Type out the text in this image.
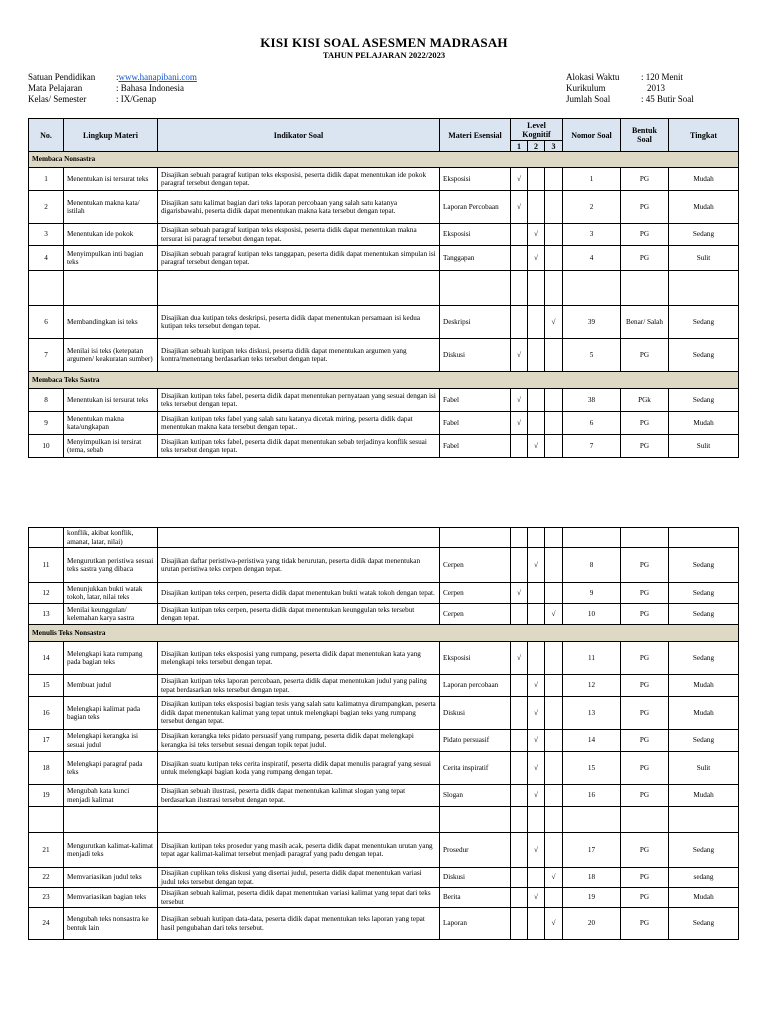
KISI KISI SOAL ASESMEN MADRASAH
TAHUN PELAJARAN 2022/2023
Satuan Pendidikan	: www.hanapibani.com
Mata Pelajaran	: Bahasa Indonesia
Kelas/ Semester	: IX/Genap
Alokasi Waktu	: 120 Menit
Kurikulum	2013
Jumlah Soal	: 45 Butir Soal
No.	Lingkup Materi	Indikator Soal	Materi Esensial	Level Kognitif			Nomor Soal	Bentuk Soal	Tingkat
				1	2	3			
Membaca Nonsastra									
1	Menentukan isi tersurat teks	Disajikan sebuah paragraf kutipan teks eksposisi, peserta didik dapat menentukan ide pokok paragraf tersebut dengan tepat.	Eksposisi	√			1	PG	Mudah
2	Menentukan makna kata/ istilah	Disajikan satu kalimat bagian dari teks laporan percobaan yang salah satu katanya digarisbawahi, peserta didik dapat menentukan makna kata tersebut dengan tepat.	Laporan Percobaan	√			2	PG	Mudah
3	Menentukan ide pokok	Disajikan sebuah paragraf kutipan teks eksposisi, peserta didik dapat menentukan makna tersurat isi paragraf tersebut dengan tepat.	Eksposisi		√		3	PG	Sedang
4	Menyimpulkan inti bagian teks	Disajikan sebuah paragraf kutipan teks tanggapan, peserta didik dapat menentukan simpulan isi paragraf tersebut dengan tepat.	Tanggapan		√		4	PG	Sulit

6	Membandingkan isi teks	Disajikan dua kutipan teks deskripsi, peserta didik dapat menentukan persamaan isi kedua kutipan teks tersebut dengan tepat.	Deskripsi			√	39	Benar/ Salah	Sedang
7	Menilai isi teks (ketepatan argumen/ keakuratan sumber)	Disajikan sebuah kutipan teks diskusi, peserta didik dapat menentukan argumen yang kontra/menentang berdasarkan teks tersebut dengan tepat.	Diskusi	√			5	PG	Sedang
Membaca Teks Sastra									
8	Menentukan isi tersurat teks	Disajikan kutipan teks fabel, peserta didik dapat menentukan pernyataan yang sesuai dengan isi teks tersebut dengan tepat.	Fabel	√			38	PGk	Sedang
9	Menentukan makna kata/ungkapan	Disajikan kutipan teks fabel yang salah satu katanya dicetak miring, peserta didik dapat menentukan makna kata tersebut dengan tepat..	Fabel	√			6	PG	Mudah
10	Menyimpulkan isi tersirat (tema, sebab	Disajikan kutipan teks fabel, peserta didik dapat menentukan sebab terjadinya konflik sesuai teks tersebut dengan tepat.	Fabel		√		7	PG	Sulit
	konflik, akibat konflik, amanat, latar, nilai)								
11	Mengurutkan peristiwa sesuai teks sastra yang dibaca	Disajikan daftar peristiwa-peristiwa yang tidak berurutan, peserta didik dapat menentukan urutan peristiwa teks cerpen dengan tepat.	Cerpen		√		8	PG	Sedang
12	Menunjukkan bukti watak tokoh, latar, nilai teks	Disajikan kutipan teks cerpen, peserta didik dapat menentukan bukti watak tokoh dengan tepat.	Cerpen	√			9	PG	Sedang
13	Menilai keunggulan/ kelemahan karya sastra	Disajikan kutipan teks cerpen, peserta didik dapat menentukan keunggulan teks tersebut dengan tepat.	Cerpen			√	10	PG	Sedang
Menulis Teks Nonsastra									
14	Melengkapi kata rumpang pada bagian teks	Disajikan kutipan teks eksposisi yang rumpang, peserta didik dapat menentukan kata yang melengkapi teks tersebut dengan tepat.	Eksposisi	√			11	PG	Sedang
15	Membuat judul	Disajikan kutipan teks laporan percobaan, peserta didik dapat menentukan judul yang paling tepat berdasarkan teks tersebut dengan tepat.	Laporan percobaan		√		12	PG	Mudah
16	Melengkapi kalimat pada bagian teks	Disajikan kutipan teks eksposisi bagian tesis yang salah satu kalimatnya dirumpangkan, peserta didik dapat menentukan kalimat yang tepat untuk melengkapi bagian teks yang rumpang tersebut dengan tepat.	Diskusi		√		13	PG	Mudah
17	Melengkapi kerangka isi sesuai judul	Disajikan kerangka teks pidato persuasif yang rumpang, peserta didik dapat melengkapi kerangka isi teks tersebut sesuai dengan topik tepat judul.	Pidato persuasif		√		14	PG	Sedang
18	Melengkapi paragraf pada teks	Disajikan suatu kutipan teks cerita inspiratif, peserta didik dapat menulis paragraf yang sesuai untuk melengkapi bagian koda yang rumpang dengan tepat.	Cerita inspiratif		√		15	PG	Sulit
19	Mengubah kata kunci menjadi kalimat	Disajikan sebuah ilustrasi, peserta didik dapat menentukan kalimat slogan yang tepat berdasarkan ilustrasi tersebut dengan tepat.	Slogan		√		16	PG	Mudah

21	Mengurutkan kalimat-kalimat menjadi teks	Disajikan kutipan teks prosedur yang masih acak, peserta didik dapat menentukan urutan yang tepat agar kalimat-kalimat tersebut menjadi paragraf yang padu dengan tepat.	Prosedur		√		17	PG	Sedang
22	Memvariasikan judul teks	Disajikan cuplikan teks diskusi yang disertai judul, peserta didik dapat menentukan variasi judul teks tersebut dengan tepat.	Diskusi			√	18	PG	sedang
23	Memvariasikan bagian teks	Disajikan sebuah kalimat, peserta didik dapat menentukan variasi kalimat yang tepat dari teks tersebut	Berita		√		19	PG	Mudah
24	Mengubah teks nonsastra ke bentuk lain	Disajikan sebuah kutipan data-data, peserta didik dapat menentukan teks laporan yang tepat hasil pengubahan dari teks tersebut.	Laporan			√	20	PG	Sedang
